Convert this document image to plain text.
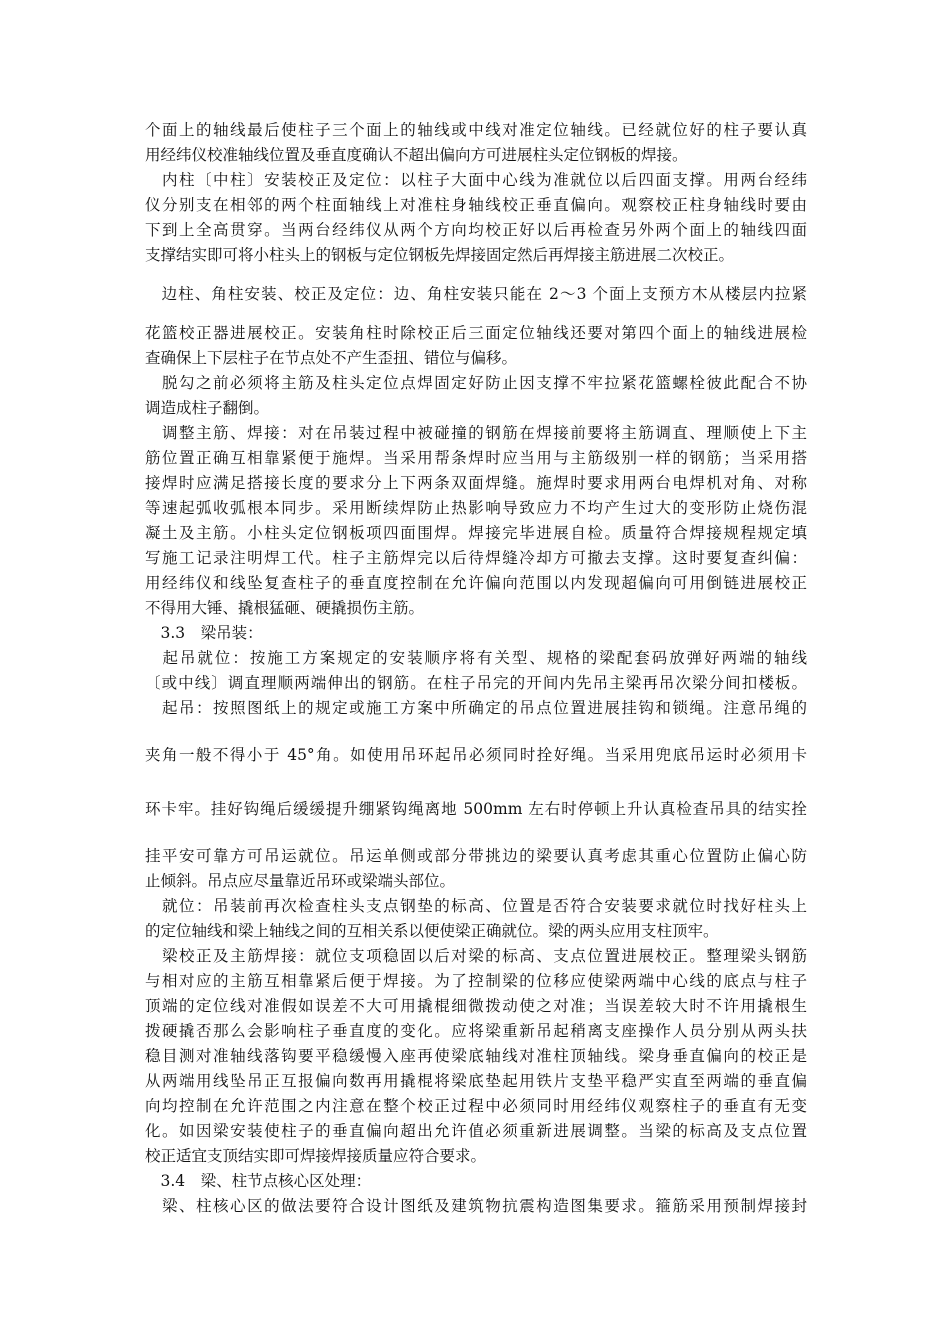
个面上的轴线最后使柱子三个面上的轴线或中线对准定位轴线。已经就位好的柱子要认真
用经纬仪校准轴线位置及垂直度确认不超出偏向方可进展柱头定位钢板的焊接。
　内柱〔中柱〕安装校正及定位：以柱子大面中心线为准就位以后四面支撑。用两台经纬
仪分别支在相邻的两个柱面轴线上对准柱身轴线校正垂直偏向。观察校正柱身轴线时要由
下到上全高贯穿。当两台经纬仪从两个方向均校正好以后再检查另外两个面上的轴线四面
支撑结实即可将小柱头上的钢板与定位钢板先焊接固定然后再焊接主筋进展二次校正。
　边柱、角柱安装、校正及定位：边、角柱安装只能在 2～3 个面上支预方木从楼层内拉紧
花篮校正器进展校正。安装角柱时除校正后三面定位轴线还要对第四个面上的轴线进展检
查确保上下层柱子在节点处不产生歪扭、错位与偏移。
　脱勾之前必须将主筋及柱头定位点焊固定好防止因支撑不牢拉紧花篮螺栓彼此配合不协
调造成柱子翻倒。
　调整主筋、焊接：对在吊装过程中被碰撞的钢筋在焊接前要将主筋调直、理顺使上下主
筋位置正确互相靠紧便于施焊。当采用帮条焊时应当用与主筋级别一样的钢筋；当采用搭
接焊时应满足搭接长度的要求分上下两条双面焊缝。施焊时要求用两台电焊机对角、对称
等速起弧收弧根本同步。采用断续焊防止热影响导致应力不均产生过大的变形防止烧伤混
凝土及主筋。小柱头定位钢板项四面围焊。焊接完毕进展自检。质量符合焊接规程规定填
写施工记录注明焊工代。柱子主筋焊完以后待焊缝冷却方可撤去支撑。这时要复查纠偏：
用经纬仪和线坠复查柱子的垂直度控制在允许偏向范围以内发现超偏向可用倒链进展校正
不得用大锤、撬根猛砸、硬撬损伤主筋。
　3.3　梁吊装：
　起吊就位：按施工方案规定的安装顺序将有关型、规格的梁配套码放弹好两端的轴线
〔或中线〕调直理顺两端伸出的钢筋。在柱子吊完的开间内先吊主梁再吊次梁分间扣楼板。
　起吊：按照图纸上的规定或施工方案中所确定的吊点位置进展挂钩和锁绳。注意吊绳的
夹角一般不得小于 45°角。如使用吊环起吊必须同时拴好绳。当采用兜底吊运时必须用卡
环卡牢。挂好钩绳后缓缓提升绷紧钩绳离地 500mm 左右时停顿上升认真检查吊具的结实拴
挂平安可靠方可吊运就位。吊运单侧或部分带挑边的梁要认真考虑其重心位置防止偏心防
止倾斜。吊点应尽量靠近吊环或梁端头部位。
　就位：吊装前再次检查柱头支点钢垫的标高、位置是否符合安装要求就位时找好柱头上
的定位轴线和梁上轴线之间的互相关系以便使梁正确就位。梁的两头应用支柱顶牢。
　梁校正及主筋焊接：就位支项稳固以后对梁的标高、支点位置进展校正。整理梁头钢筋
与相对应的主筋互相靠紧后便于焊接。为了控制梁的位移应使梁两端中心线的底点与柱子
顶端的定位线对准假如误差不大可用撬棍细微拨动使之对准；当误差较大时不许用撬根生
拨硬撬否那么会影响柱子垂直度的变化。应将梁重新吊起稍离支座操作人员分别从两头扶
稳目测对准轴线落钩要平稳缓慢入座再使梁底轴线对准柱顶轴线。梁身垂直偏向的校正是
从两端用线坠吊正互报偏向数再用撬棍将梁底垫起用铁片支垫平稳严实直至两端的垂直偏
向均控制在允许范围之内注意在整个校正过程中必须同时用经纬仪观察柱子的垂直有无变
化。如因梁安装使柱子的垂直偏向超出允许值必须重新进展调整。当梁的标高及支点位置
校正适宜支顶结实即可焊接焊接质量应符合要求。
　3.4　梁、柱节点核心区处理：
　梁、柱核心区的做法要符合设计图纸及建筑物抗震构造图集要求。箍筋采用预制焊接封
